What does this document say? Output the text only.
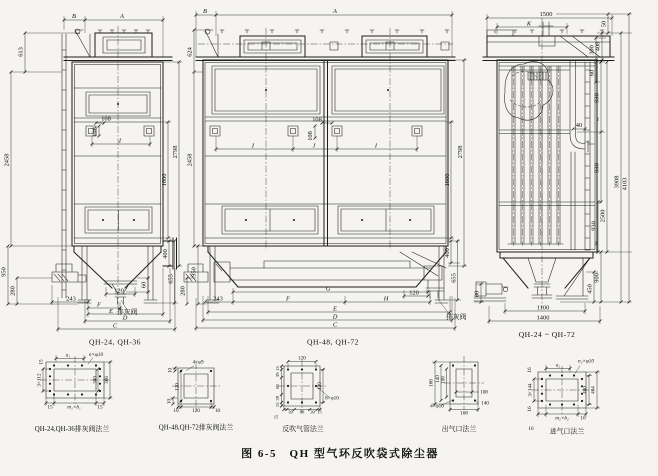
B	A
613
2458
950
280
1600
2798
400
655
60
120
243
F
E 排灰阀
D
C
I
108
108
QH-24, QH-36
B	A
624
2458
950
280
243
108
108
I	J	I
G
F	H
120
E
D
C
1600
2798
400
655
排灰阀
QH-48, QH-72
1500
K	50
408
300
60
930
2
40
930
930
2500
2
900
450
3908 4103
80
1100
1400
QH-24 ~ QH-72
a₁	n×φ10
15
3×112	300 366
15	m₁×b₁	15
QH-24,QH-36排灰阀法兰
10
4×φ9
120
10
10	120	10
QH-48,QH-72排灰阀法兰
120
15
39
80
39
15
120
8×φ10
39 80 39 15
15
反吹气管法兰
168
140 108
108
140
168
4×φ10
出气口法兰
16
a₂
n₂×φ10
3×144	400 464
16
m₂×b₂ 16
16 进气口法兰
图 6-5　QH 型气环反吹袋式除尘器
